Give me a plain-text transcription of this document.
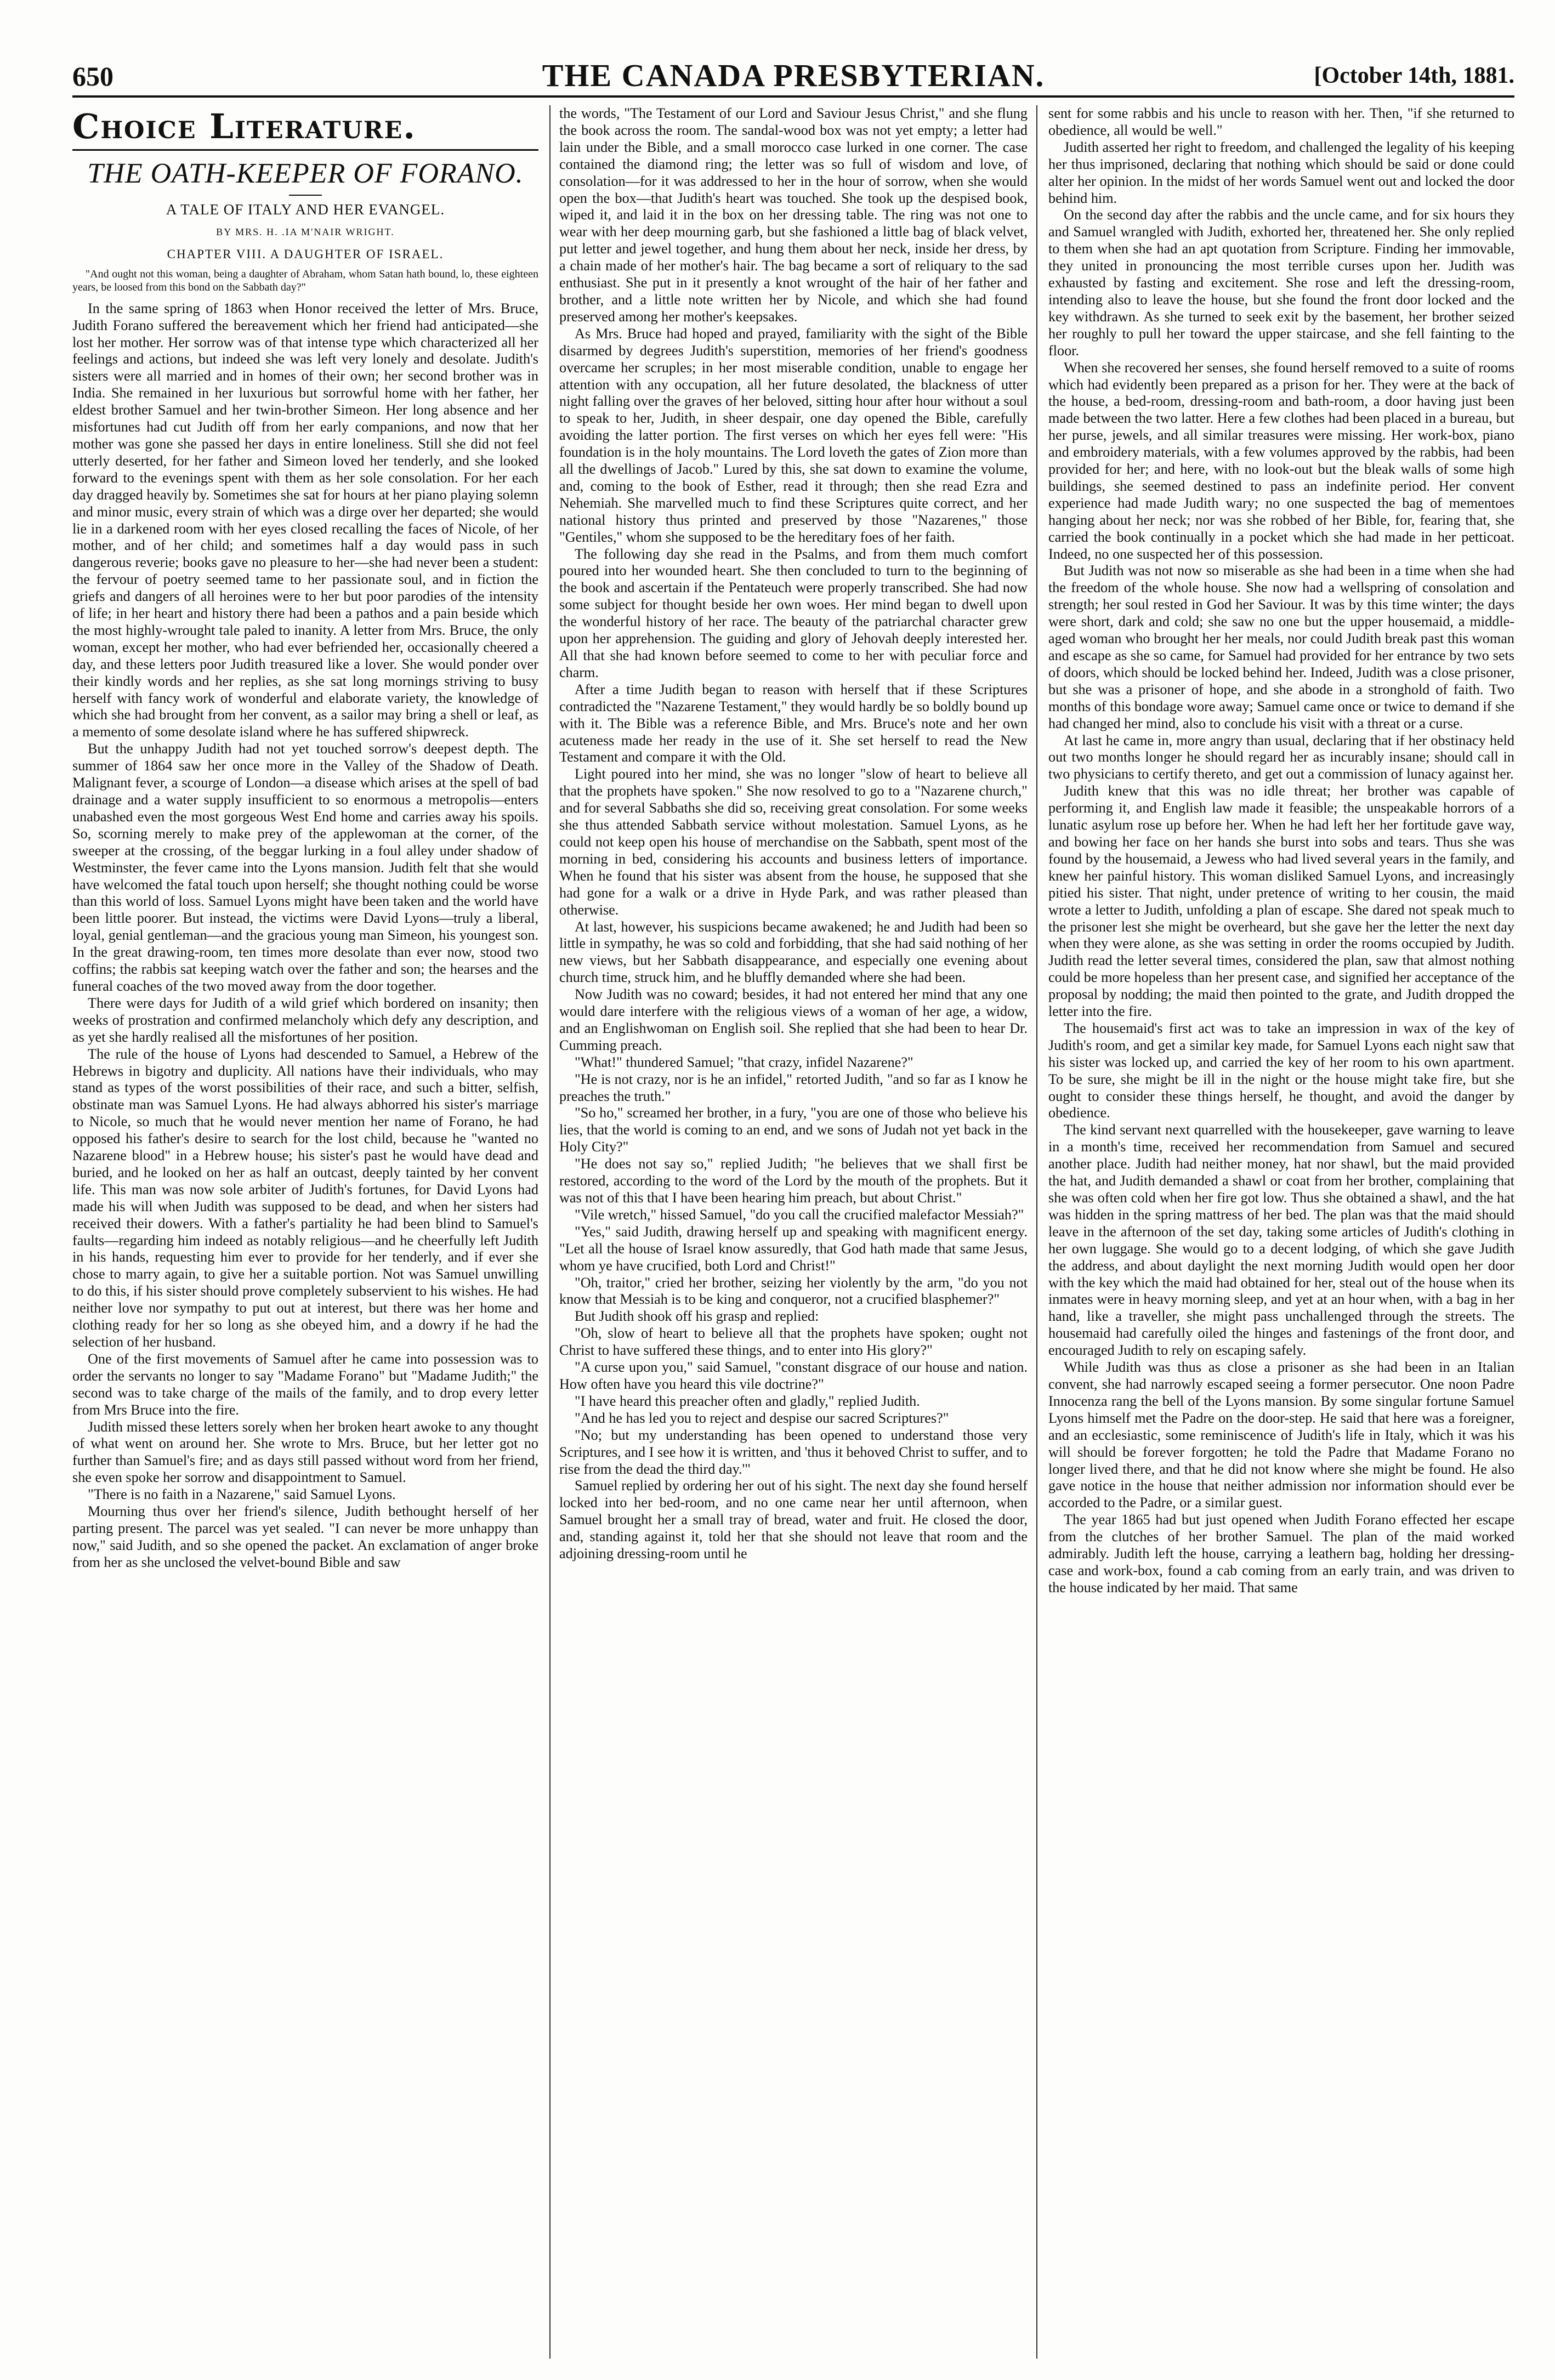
650	THE CANADA PRESBYTERIAN.	[October 14th, 1881.
Choice Literature.
THE OATH-KEEPER OF FORANO.
A TALE OF ITALY AND HER EVANGEL.
BY MRS. H. .IA M'NAIR WRIGHT.
CHAPTER VIII. A DAUGHTER OF ISRAEL.
"And ought not this woman, being a daughter of Abraham, whom Satan hath bound, lo, these eighteen years, be loosed from this bond on the Sabbath day?"

In the same spring of 1863 when Honor received the letter of Mrs. Bruce, Judith Forano suffered the bereavement which her friend had anticipated—she lost her mother. Her sorrow was of that intense type which characterized all her feelings and actions, but indeed she was left very lonely and desolate. Judith's sisters were all married and in homes of their own; her second brother was in India. She remained in her luxurious but sorrowful home with her father, her eldest brother Samuel and her twin-brother Simeon. Her long absence and her misfortunes had cut Judith off from her early companions, and now that her mother was gone she passed her days in entire loneliness. Still she did not feel utterly deserted, for her father and Simeon loved her tenderly, and she looked forward to the evenings spent with them as her sole consolation. For her each day dragged heavily by. Sometimes she sat for hours at her piano playing solemn and minor music, every strain of which was a dirge over her departed; she would lie in a darkened room with her eyes closed recalling the faces of Nicole, of her mother, and of her child; and sometimes half a day would pass in such dangerous reverie; books gave no pleasure to her—she had never been a student: the fervour of poetry seemed tame to her passionate soul, and in fiction the griefs and dangers of all heroines were to her but poor parodies of the intensity of life; in her heart and history there had been a pathos and a pain beside which the most highly-wrought tale paled to inanity. A letter from Mrs. Bruce, the only woman, except her mother, who had ever befriended her, occasionally cheered a day, and these letters poor Judith treasured like a lover. She would ponder over their kindly words and her replies, as she sat long mornings striving to busy herself with fancy work of wonderful and elaborate variety, the knowledge of which she had brought from her convent, as a sailor may bring a shell or leaf, as a memento of some desolate island where he has suffered shipwreck.

But the unhappy Judith had not yet touched sorrow's deepest depth. The summer of 1864 saw her once more in the Valley of the Shadow of Death. Malignant fever, a scourge of London—a disease which arises at the spell of bad drainage and a water supply insufficient to so enormous a metropolis—enters unabashed even the most gorgeous West End home and carries away his spoils. So, scorning merely to make prey of the applewoman at the corner, of the sweeper at the crossing, of the beggar lurking in a foul alley under shadow of Westminster, the fever came into the Lyons mansion. Judith felt that she would have welcomed the fatal touch upon herself; she thought nothing could be worse than this world of loss. Samuel Lyons might have been taken and the world have been little poorer. But instead, the victims were David Lyons—truly a liberal, loyal, genial gentleman—and the gracious young man Simeon, his youngest son. In the great drawing-room, ten times more desolate than ever now, stood two coffins; the rabbis sat keeping watch over the father and son; the hearses and the funeral coaches of the two moved away from the door together.

There were days for Judith of a wild grief which bordered on insanity; then weeks of prostration and confirmed melancholy which defy any description, and as yet she hardly realised all the misfortunes of her position.

The rule of the house of Lyons had descended to Samuel, a Hebrew of the Hebrews in bigotry and duplicity. All nations have their individuals, who may stand as types of the worst possibilities of their race, and such a bitter, selfish, obstinate man was Samuel Lyons. He had always abhorred his sister's marriage to Nicole, so much that he would never mention her name of Forano, he had opposed his father's desire to search for the lost child, because he "wanted no Nazarene blood" in a Hebrew house; his sister's past he would have dead and buried, and he looked on her as half an outcast, deeply tainted by her convent life. This man was now sole arbiter of Judith's fortunes, for David Lyons had made his will when Judith was supposed to be dead, and when her sisters had received their dowers. With a father's partiality he had been blind to Samuel's faults—regarding him indeed as notably religious—and he cheerfully left Judith in his hands, requesting him ever to provide for her tenderly, and if ever she chose to marry again, to give her a suitable portion. Not was Samuel unwilling to do this, if his sister should prove completely subservient to his wishes. He had neither love nor sympathy to put out at interest, but there was her home and clothing ready for her so long as she obeyed him, and a dowry if he had the selection of her husband.

One of the first movements of Samuel after he came into possession was to order the servants no longer to say "Madame Forano" but "Madame Judith;" the second was to take charge of the mails of the family, and to drop every letter from Mrs Bruce into the fire.

Judith missed these letters sorely when her broken heart awoke to any thought of what went on around her. She wrote to Mrs. Bruce, but her letter got no further than Samuel's fire; and as days still passed without word from her friend, she even spoke her sorrow and disappointment to Samuel.

"There is no faith in a Nazarene," said Samuel Lyons.

Mourning thus over her friend's silence, Judith bethought herself of her parting present. The parcel was yet sealed. "I can never be more unhappy than now," said Judith, and so she opened the packet. An exclamation of anger broke from her as she unclosed the velvet-bound Bible and saw

the words, "The Testament of our Lord and Saviour Jesus Christ," and she flung the book across the room. The sandal-wood box was not yet empty; a letter had lain under the Bible, and a small morocco case lurked in one corner. The case contained the diamond ring; the letter was so full of wisdom and love, of consolation—for it was addressed to her in the hour of sorrow, when she would open the box—that Judith's heart was touched. She took up the despised book, wiped it, and laid it in the box on her dressing table. The ring was not one to wear with her deep mourning garb, but she fashioned a little bag of black velvet, put letter and jewel together, and hung them about her neck, inside her dress, by a chain made of her mother's hair. The bag became a sort of reliquary to the sad enthusiast. She put in it presently a knot wrought of the hair of her father and brother, and a little note written her by Nicole, and which she had found preserved among her mother's keepsakes.

As Mrs. Bruce had hoped and prayed, familiarity with the sight of the Bible disarmed by degrees Judith's superstition, memories of her friend's goodness overcame her scruples; in her most miserable condition, unable to engage her attention with any occupation, all her future desolated, the blackness of utter night falling over the graves of her beloved, sitting hour after hour without a soul to speak to her, Judith, in sheer despair, one day opened the Bible, carefully avoiding the latter portion. The first verses on which her eyes fell were: "His foundation is in the holy mountains. The Lord loveth the gates of Zion more than all the dwellings of Jacob." Lured by this, she sat down to examine the volume, and, coming to the book of Esther, read it through; then she read Ezra and Nehemiah. She marvelled much to find these Scriptures quite correct, and her national history thus printed and preserved by those "Nazarenes," those "Gentiles," whom she supposed to be the hereditary foes of her faith.

The following day she read in the Psalms, and from them much comfort poured into her wounded heart. She then concluded to turn to the beginning of the book and ascertain if the Pentateuch were properly transcribed. She had now some subject for thought beside her own woes. Her mind began to dwell upon the wonderful history of her race. The beauty of the patriarchal character grew upon her apprehension. The guiding and glory of Jehovah deeply interested her. All that she had known before seemed to come to her with peculiar force and charm.

After a time Judith began to reason with herself that if these Scriptures contradicted the "Nazarene Testament," they would hardly be so boldly bound up with it. The Bible was a reference Bible, and Mrs. Bruce's note and her own acuteness made her ready in the use of it. She set herself to read the New Testament and compare it with the Old.

Light poured into her mind, she was no longer "slow of heart to believe all that the prophets have spoken." She now resolved to go to a "Nazarene church," and for several Sabbaths she did so, receiving great consolation. For some weeks she thus attended Sabbath service without molestation. Samuel Lyons, as he could not keep open his house of merchandise on the Sabbath, spent most of the morning in bed, considering his accounts and business letters of importance. When he found that his sister was absent from the house, he supposed that she had gone for a walk or a drive in Hyde Park, and was rather pleased than otherwise.

At last, however, his suspicions became awakened; he and Judith had been so little in sympathy, he was so cold and forbidding, that she had said nothing of her new views, but her Sabbath disappearance, and especially one evening about church time, struck him, and he bluffly demanded where she had been.

Now Judith was no coward; besides, it had not entered her mind that any one would dare interfere with the religious views of a woman of her age, a widow, and an Englishwoman on English soil. She replied that she had been to hear Dr. Cumming preach.

"What!" thundered Samuel; "that crazy, infidel Nazarene?"

"He is not crazy, nor is he an infidel," retorted Judith, "and so far as I know he preaches the truth."

"So ho," screamed her brother, in a fury, "you are one of those who believe his lies, that the world is coming to an end, and we sons of Judah not yet back in the Holy City?"

"He does not say so," replied Judith; "he believes that we shall first be restored, according to the word of the Lord by the mouth of the prophets. But it was not of this that I have been hearing him preach, but about Christ."

"Vile wretch," hissed Samuel, "do you call the crucified malefactor Messiah?"

"Yes," said Judith, drawing herself up and speaking with magnificent energy. "Let all the house of Israel know assuredly, that God hath made that same Jesus, whom ye have crucified, both Lord and Christ!"

"Oh, traitor," cried her brother, seizing her violently by the arm, "do you not know that Messiah is to be king and conqueror, not a crucified blasphemer?"

But Judith shook off his grasp and replied:

"Oh, slow of heart to believe all that the prophets have spoken; ought not Christ to have suffered these things, and to enter into His glory?"

"A curse upon you," said Samuel, "constant disgrace of our house and nation. How often have you heard this vile doctrine?"

"I have heard this preacher often and gladly," replied Judith.

"And he has led you to reject and despise our sacred Scriptures?"

"No; but my understanding has been opened to understand those very Scriptures, and I see how it is written, and 'thus it behoved Christ to suffer, and to rise from the dead the third day.'"

Samuel replied by ordering her out of his sight. The next day she found herself locked into her bed-room, and no one came near her until afternoon, when Samuel brought her a small tray of bread, water and fruit. He closed the door, and, standing against it, told her that she should not leave that room and the adjoining dressing-room until he

sent for some rabbis and his uncle to reason with her. Then, "if she returned to obedience, all would be well."

Judith asserted her right to freedom, and challenged the legality of his keeping her thus imprisoned, declaring that nothing which should be said or done could alter her opinion. In the midst of her words Samuel went out and locked the door behind him.

On the second day after the rabbis and the uncle came, and for six hours they and Samuel wrangled with Judith, exhorted her, threatened her. She only replied to them when she had an apt quotation from Scripture. Finding her immovable, they united in pronouncing the most terrible curses upon her. Judith was exhausted by fasting and excitement. She rose and left the dressing-room, intending also to leave the house, but she found the front door locked and the key withdrawn. As she turned to seek exit by the basement, her brother seized her roughly to pull her toward the upper staircase, and she fell fainting to the floor.

When she recovered her senses, she found herself removed to a suite of rooms which had evidently been prepared as a prison for her. They were at the back of the house, a bed-room, dressing-room and bath-room, a door having just been made between the two latter. Here a few clothes had been placed in a bureau, but her purse, jewels, and all similar treasures were missing. Her work-box, piano and embroidery materials, with a few volumes approved by the rabbis, had been provided for her; and here, with no look-out but the bleak walls of some high buildings, she seemed destined to pass an indefinite period. Her convent experience had made Judith wary; no one suspected the bag of mementoes hanging about her neck; nor was she robbed of her Bible, for, fearing that, she carried the book continually in a pocket which she had made in her petticoat. Indeed, no one suspected her of this possession.

But Judith was not now so miserable as she had been in a time when she had the freedom of the whole house. She now had a wellspring of consolation and strength; her soul rested in God her Saviour. It was by this time winter; the days were short, dark and cold; she saw no one but the upper housemaid, a middle-aged woman who brought her her meals, nor could Judith break past this woman and escape as she so came, for Samuel had provided for her entrance by two sets of doors, which should be locked behind her. Indeed, Judith was a close prisoner, but she was a prisoner of hope, and she abode in a stronghold of faith. Two months of this bondage wore away; Samuel came once or twice to demand if she had changed her mind, also to conclude his visit with a threat or a curse.

At last he came in, more angry than usual, declaring that if her obstinacy held out two months longer he should regard her as incurably insane; should call in two physicians to certify thereto, and get out a commission of lunacy against her.

Judith knew that this was no idle threat; her brother was capable of performing it, and English law made it feasible; the unspeakable horrors of a lunatic asylum rose up before her. When he had left her her fortitude gave way, and bowing her face on her hands she burst into sobs and tears. Thus she was found by the housemaid, a Jewess who had lived several years in the family, and knew her painful history. This woman disliked Samuel Lyons, and increasingly pitied his sister. That night, under pretence of writing to her cousin, the maid wrote a letter to Judith, unfolding a plan of escape. She dared not speak much to the prisoner lest she might be overheard, but she gave her the letter the next day when they were alone, as she was setting in order the rooms occupied by Judith. Judith read the letter several times, considered the plan, saw that almost nothing could be more hopeless than her present case, and signified her acceptance of the proposal by nodding; the maid then pointed to the grate, and Judith dropped the letter into the fire.

The housemaid's first act was to take an impression in wax of the key of Judith's room, and get a similar key made, for Samuel Lyons each night saw that his sister was locked up, and carried the key of her room to his own apartment. To be sure, she might be ill in the night or the house might take fire, but she ought to consider these things herself, he thought, and avoid the danger by obedience.

The kind servant next quarrelled with the housekeeper, gave warning to leave in a month's time, received her recommendation from Samuel and secured another place. Judith had neither money, hat nor shawl, but the maid provided the hat, and Judith demanded a shawl or coat from her brother, complaining that she was often cold when her fire got low. Thus she obtained a shawl, and the hat was hidden in the spring mattress of her bed. The plan was that the maid should leave in the afternoon of the set day, taking some articles of Judith's clothing in her own luggage. She would go to a decent lodging, of which she gave Judith the address, and about daylight the next morning Judith would open her door with the key which the maid had obtained for her, steal out of the house when its inmates were in heavy morning sleep, and yet at an hour when, with a bag in her hand, like a traveller, she might pass unchallenged through the streets. The housemaid had carefully oiled the hinges and fastenings of the front door, and encouraged Judith to rely on escaping safely.

While Judith was thus as close a prisoner as she had been in an Italian convent, she had narrowly escaped seeing a former persecutor. One noon Padre Innocenza rang the bell of the Lyons mansion. By some singular fortune Samuel Lyons himself met the Padre on the door-step. He said that here was a foreigner, and an ecclesiastic, some reminiscence of Judith's life in Italy, which it was his will should be forever forgotten; he told the Padre that Madame Forano no longer lived there, and that he did not know where she might be found. He also gave notice in the house that neither admission nor information should ever be accorded to the Padre, or a similar guest.

The year 1865 had but just opened when Judith Forano effected her escape from the clutches of her brother Samuel. The plan of the maid worked admirably. Judith left the house, carrying a leathern bag, holding her dressing-case and work-box, found a cab coming from an early train, and was driven to the house indicated by her maid. That same
